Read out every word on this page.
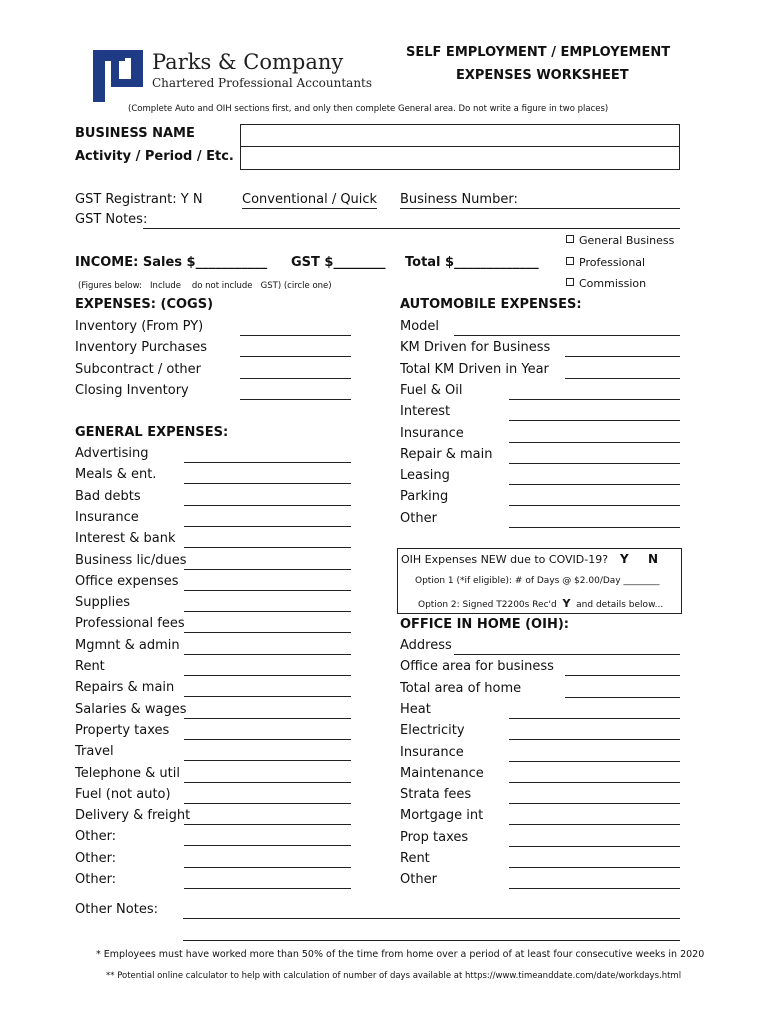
Parks & Company
Chartered Professional Accountants
SELF EMPLOYMENT / EMPLOYEMENT
EXPENSES WORKSHEET
(Complete Auto and OIH sections first, and only then complete General area. Do not write a figure in two places)
BUSINESS NAME
Activity / Period / Etc.
GST Registrant: Y N	Conventional / Quick Business Number:
GST Notes:
General Business
Professional
Commission
INCOME: Sales $___________ GST $________ Total $_____________
(Figures below: Include do not include GST) (circle one)
EXPENSES: (COGS)
Inventory (From PY)
Inventory Purchases
Subcontract / other
Closing Inventory
GENERAL EXPENSES:
Advertising
Meals & ent.
Bad debts
Insurance
Interest & bank
Business lic/dues
Office expenses
Supplies
Professional fees
Mgmnt & admin
Rent
Repairs & main
Salaries & wages
Property taxes
Travel
Telephone & util
Fuel (not auto)
Delivery & freight
Other:
Other:
Other:
AUTOMOBILE EXPENSES:
Model
KM Driven for Business
Total KM Driven in Year
Fuel & Oil
Interest
Insurance
Repair & main
Leasing
Parking
Other
OIH Expenses NEW due to COVID-19? Y N
Option 1 (*if eligible): # of Days @ $2.00/Day ________
Option 2: Signed T2200s Rec'd Y and details below...
OFFICE IN HOME (OIH):
Address
Office area for business
Total area of home
Heat
Electricity
Insurance
Maintenance
Strata fees
Mortgage int
Prop taxes
Rent
Other
Other Notes:
* Employees must have worked more than 50% of the time from home over a period of at least four consecutive weeks in 2020
** Potential online calculator to help with calculation of number of days available at https://www.timeanddate.com/date/workdays.html
